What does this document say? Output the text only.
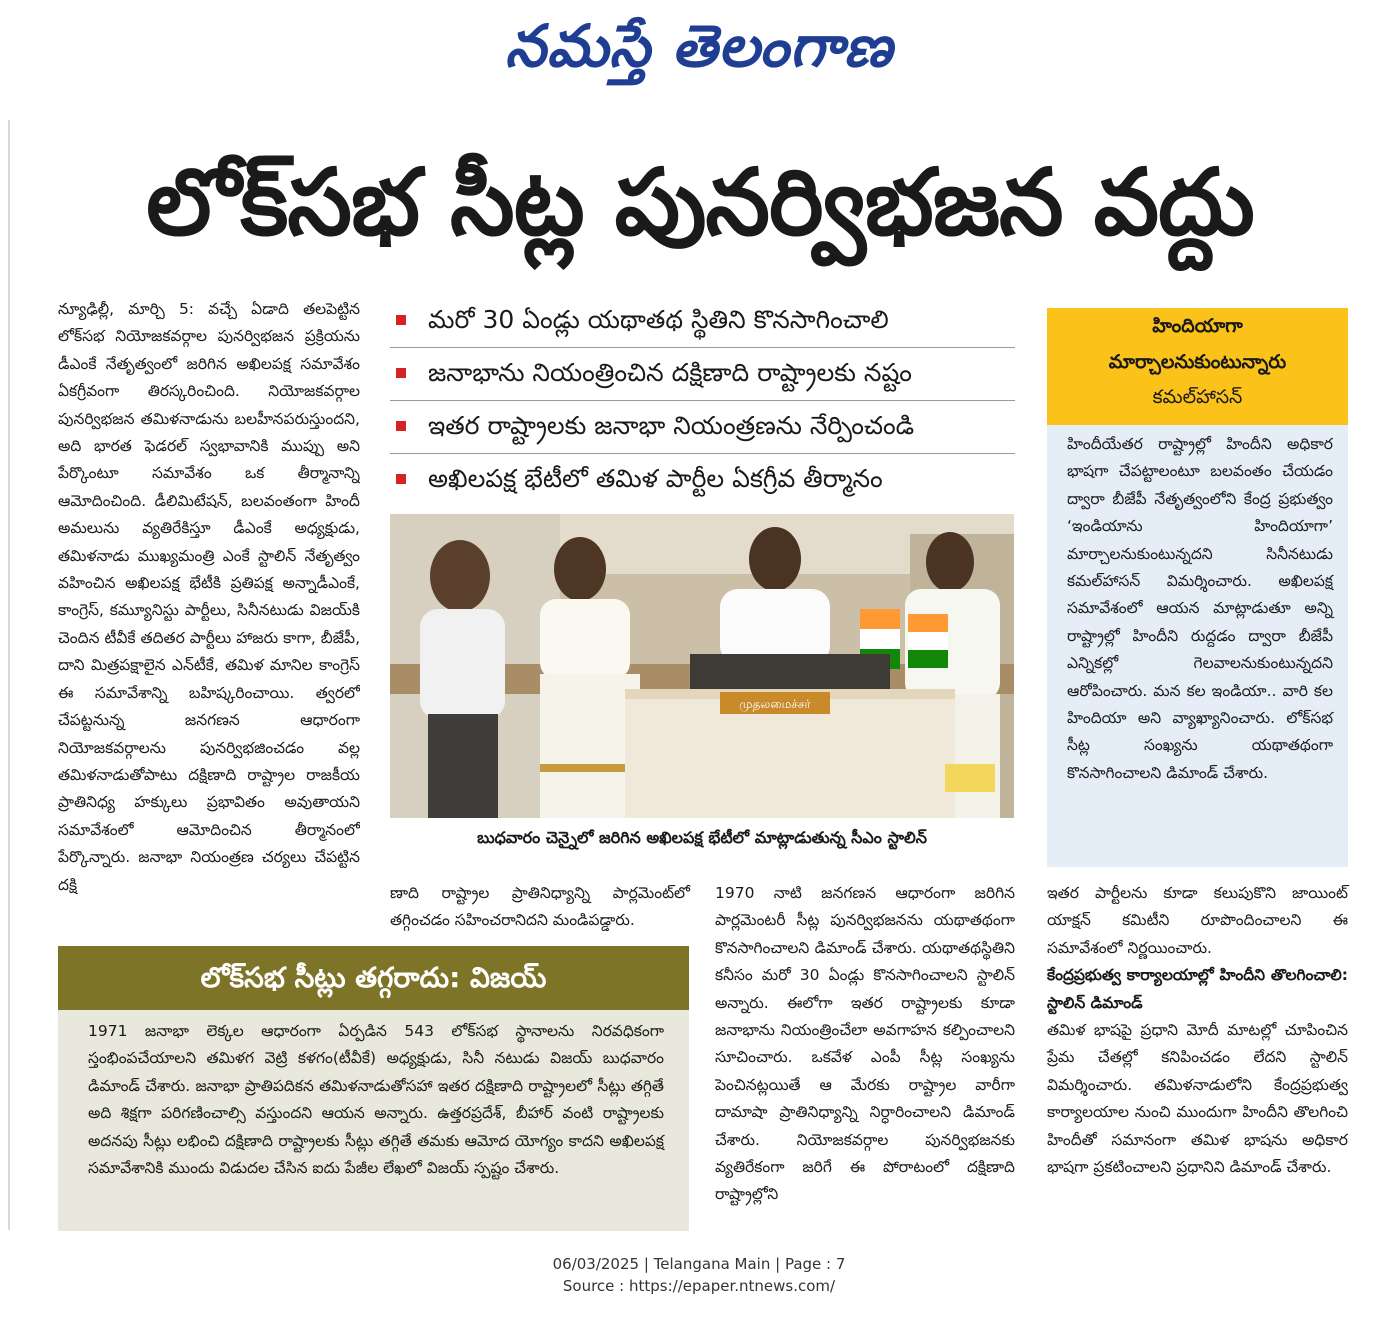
నమస్తే తెలంగాణ
లోక్‌సభ సీట్ల పునర్విభజన వద్దు
న్యూఢిల్లీ, మార్చి 5: వచ్చే ఏడాది తలపెట్టిన లోక్‌సభ నియోజకవర్గాల పునర్విభజన ప్రక్రియను డీఎంకే నేతృత్వంలో జరిగిన అఖిలపక్ష సమావేశం ఏకగ్రీవంగా తిరస్కరించింది. నియోజకవర్గాల పునర్విభజన తమిళనాడును బలహీనపరుస్తుందని, అది భారత ఫెడరల్ స్వభావానికి ముప్పు అని పేర్కొంటూ సమావేశం ఒక తీర్మానాన్ని ఆమోదించింది. డీలిమిటేషన్, బలవంతంగా హిందీ అమలును వ్యతిరేకిస్తూ డీఎంకే అధ్యక్షుడు, తమిళనాడు ముఖ్యమంత్రి ఎంకే స్టాలిన్ నేతృత్వం వహించిన అఖిలపక్ష భేటీకి ప్రతిపక్ష అన్నాడీఎంకే, కాంగ్రెస్, కమ్యూనిస్టు పార్టీలు, సినీనటుడు విజయ్‌కి చెందిన టీవీకే తదితర పార్టీలు హాజరు కాగా, బీజేపీ, దాని మిత్రపక్షాలైన ఎన్‌టీకే, తమిళ మానిల కాంగ్రెస్ ఈ సమావేశాన్ని బహిష్కరించాయి. త్వరలో చేపట్టనున్న జనగణన ఆధారంగా నియోజకవర్గాలను పునర్విభజించడం వల్ల తమిళనాడుతోపాటు దక్షిణాది రాష్ట్రాల రాజకీయ ప్రాతినిధ్య హక్కులు ప్రభావితం అవుతాయని సమావేశంలో ఆమోదించిన తీర్మానంలో పేర్కొన్నారు. జనాభా నియంత్రణ చర్యలు చేపట్టిన దక్షి
మరో 30 ఏండ్లు యథాతథ స్థితిని కొనసాగించాలి
జనాభాను నియంత్రించిన దక్షిణాది రాష్ట్రాలకు నష్టం
ఇతర రాష్ట్రాలకు జనాభా నియంత్రణను నేర్పించండి
అఖిలపక్ష భేటీలో తమిళ పార్టీల ఏకగ్రీవ తీర్మానం
முதலமைச்சர்
బుధవారం చెన్నైలో జరిగిన అఖిలపక్ష భేటీలో మాట్లాడుతున్న సీఎం స్టాలిన్
ణాది రాష్ట్రాల ప్రాతినిధ్యాన్ని పార్లమెంట్‌లో తగ్గించడం సహించరానిదని మండిపడ్డారు.
1970 నాటి జనగణన ఆధారంగా జరిగిన పార్లమెంటరీ సీట్ల పునర్విభజనను యథాతథంగా కొనసాగించాలని డిమాండ్ చేశారు. యథాతథస్థితిని కనీసం మరో 30 ఏండ్లు కొనసాగించాలని స్టాలిన్ అన్నారు. ఈలోగా ఇతర రాష్ట్రాలకు కూడా జనాభాను నియంత్రించేలా అవగాహన కల్పించాలని సూచించారు. ఒకవేళ ఎంపీ సీట్ల సంఖ్యను పెంచినట్లయితే ఆ మేరకు రాష్ట్రాల వారీగా దామాషా ప్రాతినిధ్యాన్ని నిర్ధారించాలని డిమాండ్ చేశారు. నియోజకవర్గాల పునర్విభజనకు వ్యతిరేకంగా జరిగే ఈ పోరాటంలో దక్షిణాది రాష్ట్రాల్లోని
హిందియాగా
మార్చాలనుకుంటున్నారు
కమల్‌హాసన్
హిందీయేతర రాష్ట్రాల్లో హిందీని అధికార భాషగా చేపట్టాలంటూ బలవంతం చేయడం ద్వారా బీజేపీ నేతృత్వంలోని కేంద్ర ప్రభుత్వం ‘ఇండియాను హిందియాగా’ మార్చాలనుకుంటున్నదని సినీనటుడు కమల్‌హాసన్ విమర్శించారు. అఖిలపక్ష సమావేశంలో ఆయన మాట్లాడుతూ అన్ని రాష్ట్రాల్లో హిందీని రుద్దడం ద్వారా బీజేపీ ఎన్నికల్లో గెలవాలనుకుంటున్నదని ఆరోపించారు. మన కల ఇండియా.. వారి కల హిందియా అని వ్యాఖ్యానించారు. లోక్‌సభ సీట్ల సంఖ్యను యథాతథంగా కొనసాగించాలని డిమాండ్ చేశారు.
ఇతర పార్టీలను కూడా కలుపుకొని జాయింట్ యాక్షన్ కమిటీని రూపొందించాలని ఈ సమావేశంలో నిర్ణయించారు.
కేంద్రప్రభుత్వ కార్యాలయాల్లో హిందీని తొలగించాలి: స్టాలిన్ డిమాండ్
తమిళ భాషపై ప్రధాని మోదీ మాటల్లో చూపించిన ప్రేమ చేతల్లో కనిపించడం లేదని స్టాలిన్ విమర్శించారు. తమిళనాడులోని కేంద్రప్రభుత్వ కార్యాలయాల నుంచి ముందుగా హిందీని తొలగించి హిందీతో సమానంగా తమిళ భాషను అధికార భాషగా ప్రకటించాలని ప్రధానిని డిమాండ్ చేశారు.
లోక్‌సభ సీట్లు తగ్గరాదు: విజయ్
1971 జనాభా లెక్కల ఆధారంగా ఏర్పడిన 543 లోక్‌సభ స్థానాలను నిరవధికంగా స్తంభింపచేయాలని తమిళగ వెట్రి కళగం(టీవీకే) అధ్యక్షుడు, సినీ నటుడు విజయ్ బుధవారం డిమాండ్ చేశారు. జనాభా ప్రాతిపదికన తమిళనాడుతోసహా ఇతర దక్షిణాది రాష్ట్రాలలో సీట్లు తగ్గితే అది శిక్షగా పరిగణించాల్సి వస్తుందని ఆయన అన్నారు. ఉత్తరప్రదేశ్, బీహార్ వంటి రాష్ట్రాలకు అదనపు సీట్లు లభించి దక్షిణాది రాష్ట్రాలకు సీట్లు తగ్గితే తమకు ఆమోద యోగ్యం కాదని అఖిలపక్ష సమావేశానికి ముందు విడుదల చేసిన ఐదు పేజీల లేఖలో విజయ్ స్పష్టం చేశారు.
06/03/2025 | Telangana Main | Page : 7
Source : https://epaper.ntnews.com/
